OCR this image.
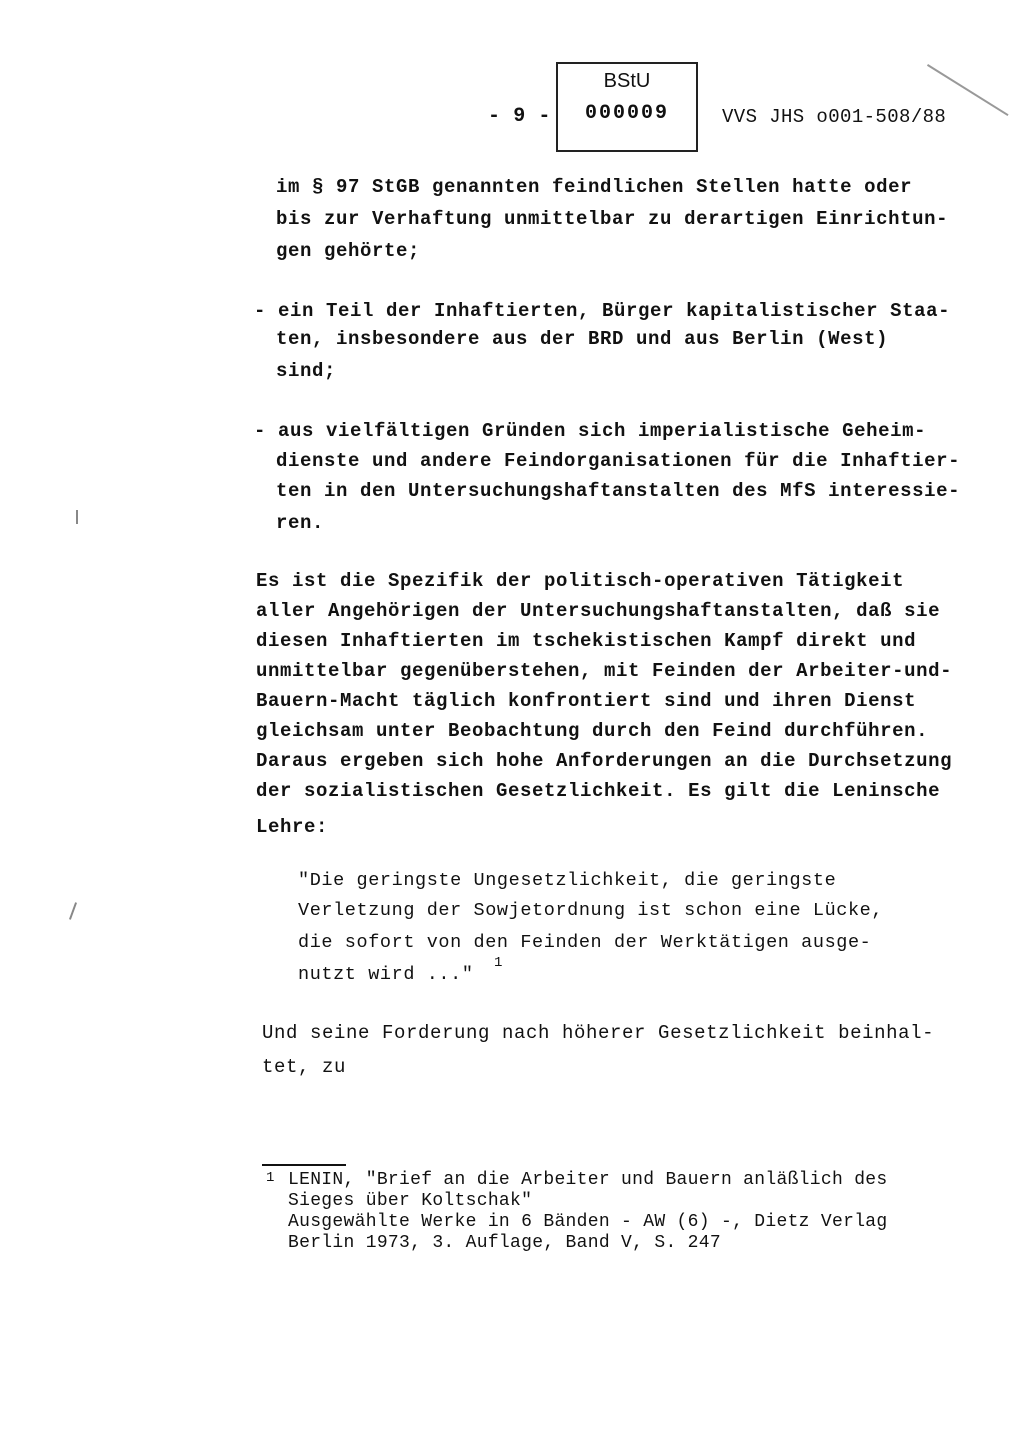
- 9 -
BStU
000009	VVS JHS o001-508/88
im § 97 StGB genannten feindlichen Stellen hatte oder
bis zur Verhaftung unmittelbar zu derartigen Einrichtun-
gen gehörte;
- ein Teil der Inhaftierten, Bürger kapitalistischer Staa-
ten, insbesondere aus der BRD und aus Berlin (West)
sind;
- aus vielfältigen Gründen sich imperialistische Geheim-
dienste und andere Feindorganisationen für die Inhaftier-
ten in den Untersuchungshaftanstalten des MfS interessie-
ren.
Es ist die Spezifik der politisch-operativen Tätigkeit
aller Angehörigen der Untersuchungshaftanstalten, daß sie
diesen Inhaftierten im tschekistischen Kampf direkt und
unmittelbar gegenüberstehen, mit Feinden der Arbeiter-und-
Bauern-Macht täglich konfrontiert sind und ihren Dienst
gleichsam unter Beobachtung durch den Feind durchführen.
Daraus ergeben sich hohe Anforderungen an die Durchsetzung
der sozialistischen Gesetzlichkeit. Es gilt die Leninsche
Lehre:
"Die geringste Ungesetzlichkeit, die geringste
Verletzung der Sowjetordnung ist schon eine Lücke,
die sofort von den Feinden der Werktätigen ausge-
nutzt wird ..."
1
Und seine Forderung nach höherer Gesetzlichkeit beinhal-
tet, zu
1 LENIN, "Brief an die Arbeiter und Bauern anläßlich des
Sieges über Koltschak"
Ausgewählte Werke in 6 Bänden - AW (6) -, Dietz Verlag
Berlin 1973, 3. Auflage, Band V, S. 247
